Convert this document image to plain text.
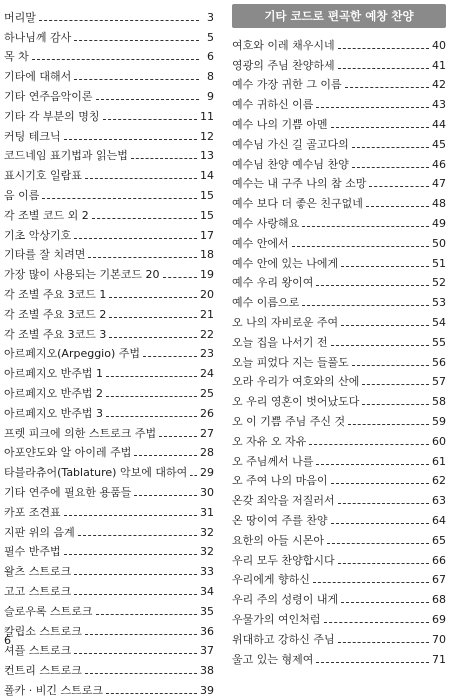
머리말	3
하나님께 감사	5
목 차	6
기타에 대해서	8
기타 연주음악이론	9
기타 각 부분의 명칭	11
커팅 테크닉	12
코드네임 표기법과 읽는법	13
표시기호 일람표	14
음 이름	15
각 조별 코드 외 2	15
기초 악상기호	17
기타를 잘 치려면	18
가장 많이 사용되는 기본코드 20	19
각 조별 주요 3코드 1	20
각 조별 주요 3코드 2	21
각 조별 주요 3코드 3	22
아르페지오(Arpeggio) 주법	23
아르페지오 반주법 1	24
아르페지오 반주법 2	25
아르페지오 반주법 3	26
프렛 피크에 의한 스트로크 주법	27
아포얀도와 알 아이레 주법	28
타블라츄어(Tablature) 악보에 대하여 29
기타 연주에 필요한 용품들	30
카포 조견표	31
지판 위의 음계	32
필수 반주법	32
왈츠 스트로크	33
고고 스트로크	34
슬로우록 스트로크	35
칼립소 스트로크	36
셔플 스트로크	37
컨트리 스트로크	38
폴카 · 비긴 스트로크	39
기타 코드로 편곡한 예창 찬양
여호와 이레 채우시네	40
영광의 주님 찬양하세	41
예수 가장 귀한 그 이름	42
예수 귀하신 이름	43
예수 나의 기쁨 아멘	44
예수님 가신 길 골고다의	45
예수님 찬양 예수님 찬양	46
예수는 내 구주 나의 참 소망	47
예수 보다 더 좋은 친구없네	48
예수 사랑해요	49
예수 안에서	50
예수 안에 있는 나에게	51
예수 우리 왕이여	52
예수 이름으로	53
오 나의 자비로운 주여	54
오늘 집을 나서기 전	55
오늘 피었다 지는 들풀도	56
오라 우리가 여호와의 산에	57
오 우리 영혼이 벗어났도다	58
오 이 기쁨 주님 주신 것	59
오 자유 오 자유	60
오 주님께서 나를	61
오 주여 나의 마음이	62
온갖 죄악을 저질러서	63
온 땅이여 주를 찬양	64
요한의 아들 시몬아	65
우리 모두 찬양합시다	66
우리에게 향하신	67
우리 주의 성령이 내게	68
우물가의 여인처럼	69
위대하고 강하신 주님	70
울고 있는 형제여	71
6
